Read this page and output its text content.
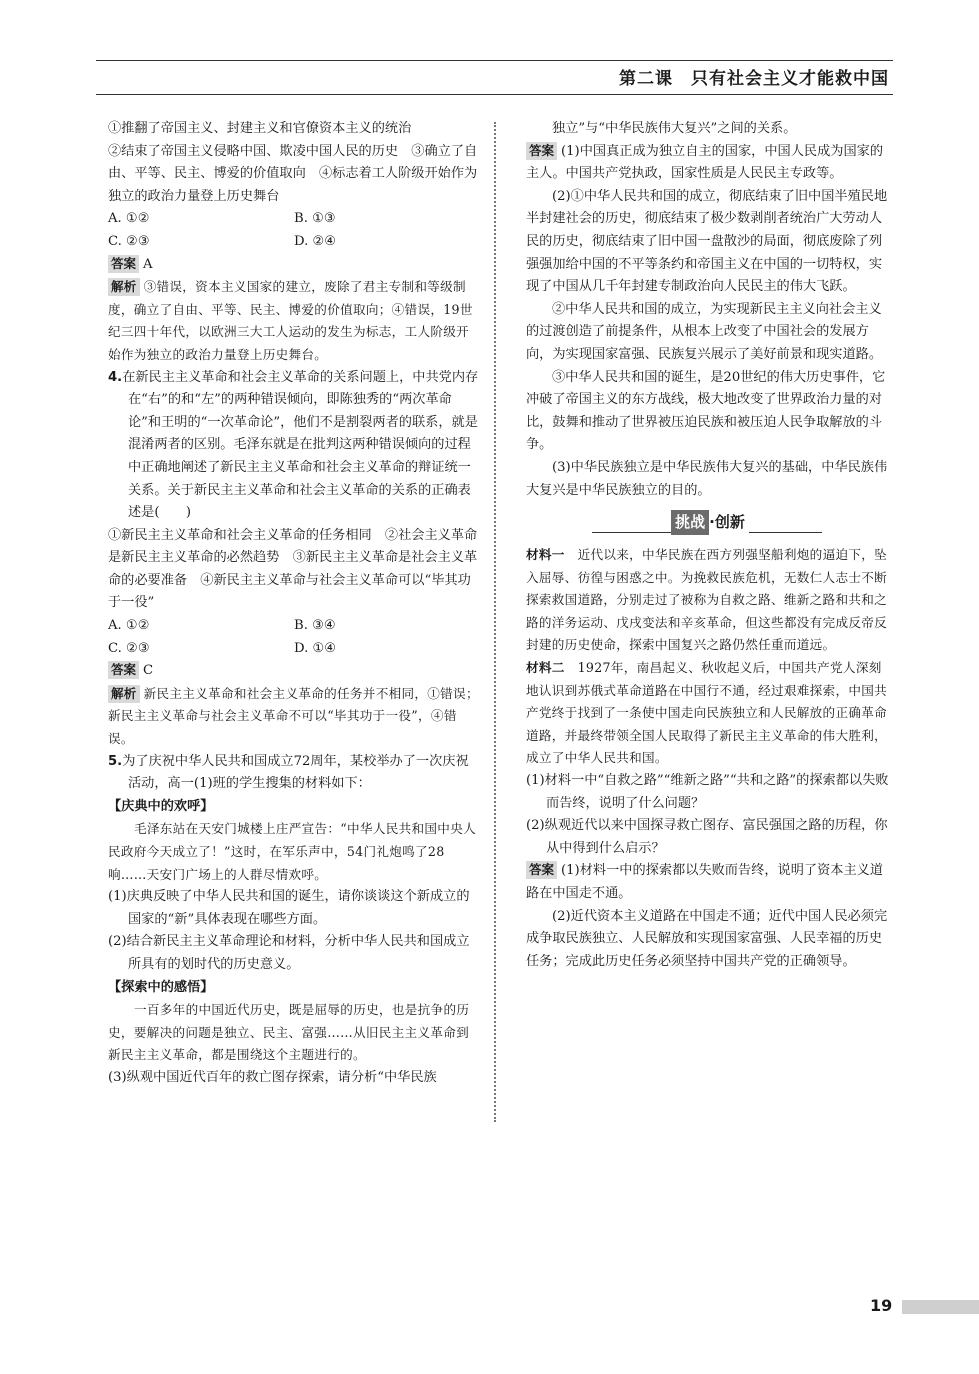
第二课　只有社会主义才能救中国

①推翻了帝国主义、封建主义和官僚资本主义的统治

②结束了帝国主义侵略中国、欺凌中国人民的历史　③确立了自由、平等、民主、博爱的价值取向　④标志着工人阶级开始作为独立的政治力量登上历史舞台

A. ①②	B. ①③
C. ②③	D. ②④

答案 A

解析 ③错误，资本主义国家的建立，废除了君主专制和等级制度，确立了自由、平等、民主、博爱的价值取向；④错误，19世纪三四十年代，以欧洲三大工人运动的发生为标志，工人阶级开始作为独立的政治力量登上历史舞台。

4.在新民主主义革命和社会主义革命的关系问题上，中共党内存在“右”的和“左”的两种错误倾向，即陈独秀的“两次革命论”和王明的“一次革命论”，他们不是割裂两者的联系，就是混淆两者的区别。毛泽东就是在批判这两种错误倾向的过程中正确地阐述了新民主主义革命和社会主义革命的辩证统一关系。关于新民主主义革命和社会主义革命的关系的正确表述是(　　)

①新民主主义革命和社会主义革命的任务相同　②社会主义革命是新民主主义革命的必然趋势　③新民主主义革命是社会主义革命的必要准备　④新民主主义革命与社会主义革命可以“毕其功于一役”

A. ①②	B. ③④
C. ②③	D. ①④

答案 C

解析 新民主主义革命和社会主义革命的任务并不相同，①错误；新民主主义革命与社会主义革命不可以“毕其功于一役”，④错误。

5.为了庆祝中华人民共和国成立72周年，某校举办了一次庆祝活动，高一(1)班的学生搜集的材料如下：

【庆典中的欢呼】

毛泽东站在天安门城楼上庄严宣告：“中华人民共和国中央人民政府今天成立了！”这时，在军乐声中，54门礼炮鸣了28响……天安门广场上的人群尽情欢呼。

(1)庆典反映了中华人民共和国的诞生，请你谈谈这个新成立的国家的“新”具体表现在哪些方面。

(2)结合新民主主义革命理论和材料，分析中华人民共和国成立所具有的划时代的历史意义。

【探索中的感悟】

一百多年的中国近代历史，既是屈辱的历史，也是抗争的历史，要解决的问题是独立、民主、富强……从旧民主主义革命到新民主主义革命，都是围绕这个主题进行的。

(3)纵观中国近代百年的救亡图存探索，请分析“中华民族

独立”与“中华民族伟大复兴”之间的关系。

答案 (1)中国真正成为独立自主的国家，中国人民成为国家的主人。中国共产党执政，国家性质是人民民主专政等。

(2)①中华人民共和国的成立，彻底结束了旧中国半殖民地半封建社会的历史，彻底结束了极少数剥削者统治广大劳动人民的历史，彻底结束了旧中国一盘散沙的局面，彻底废除了列强强加给中国的不平等条约和帝国主义在中国的一切特权，实现了中国从几千年封建专制政治向人民民主的伟大飞跃。

②中华人民共和国的成立，为实现新民主主义向社会主义的过渡创造了前提条件，从根本上改变了中国社会的发展方向，为实现国家富强、民族复兴展示了美好前景和现实道路。

③中华人民共和国的诞生，是20世纪的伟大历史事件，它冲破了帝国主义的东方战线，极大地改变了世界政治力量的对比，鼓舞和推动了世界被压迫民族和被压迫人民争取解放的斗争。

(3)中华民族独立是中华民族伟大复兴的基础，中华民族伟大复兴是中华民族独立的目的。

挑战 ·创新

材料一　 近代以来，中华民族在西方列强坚船利炮的逼迫下，坠入屈辱、彷徨与困惑之中。为挽救民族危机，无数仁人志士不断探索救国道路，分别走过了被称为自救之路、维新之路和共和之路的洋务运动、戊戌变法和辛亥革命，但这些都没有完成反帝反封建的历史使命，探索中国复兴之路仍然任重而道远。

材料二　 1927年，南昌起义、秋收起义后，中国共产党人深刻地认识到苏俄式革命道路在中国行不通，经过艰难探索，中国共产党终于找到了一条使中国走向民族独立和人民解放的正确革命道路，并最终带领全国人民取得了新民主主义革命的伟大胜利，成立了中华人民共和国。

(1)材料一中“自救之路”“维新之路”“共和之路”的探索都以失败而告终，说明了什么问题？

(2)纵观近代以来中国探寻救亡图存、富民强国之路的历程，你从中得到什么启示？

答案 (1)材料一中的探索都以失败而告终，说明了资本主义道路在中国走不通。

(2)近代资本主义道路在中国走不通；近代中国人民必须完成争取民族独立、人民解放和实现国家富强、人民幸福的历史任务；完成此历史任务必须坚持中国共产党的正确领导。

19
